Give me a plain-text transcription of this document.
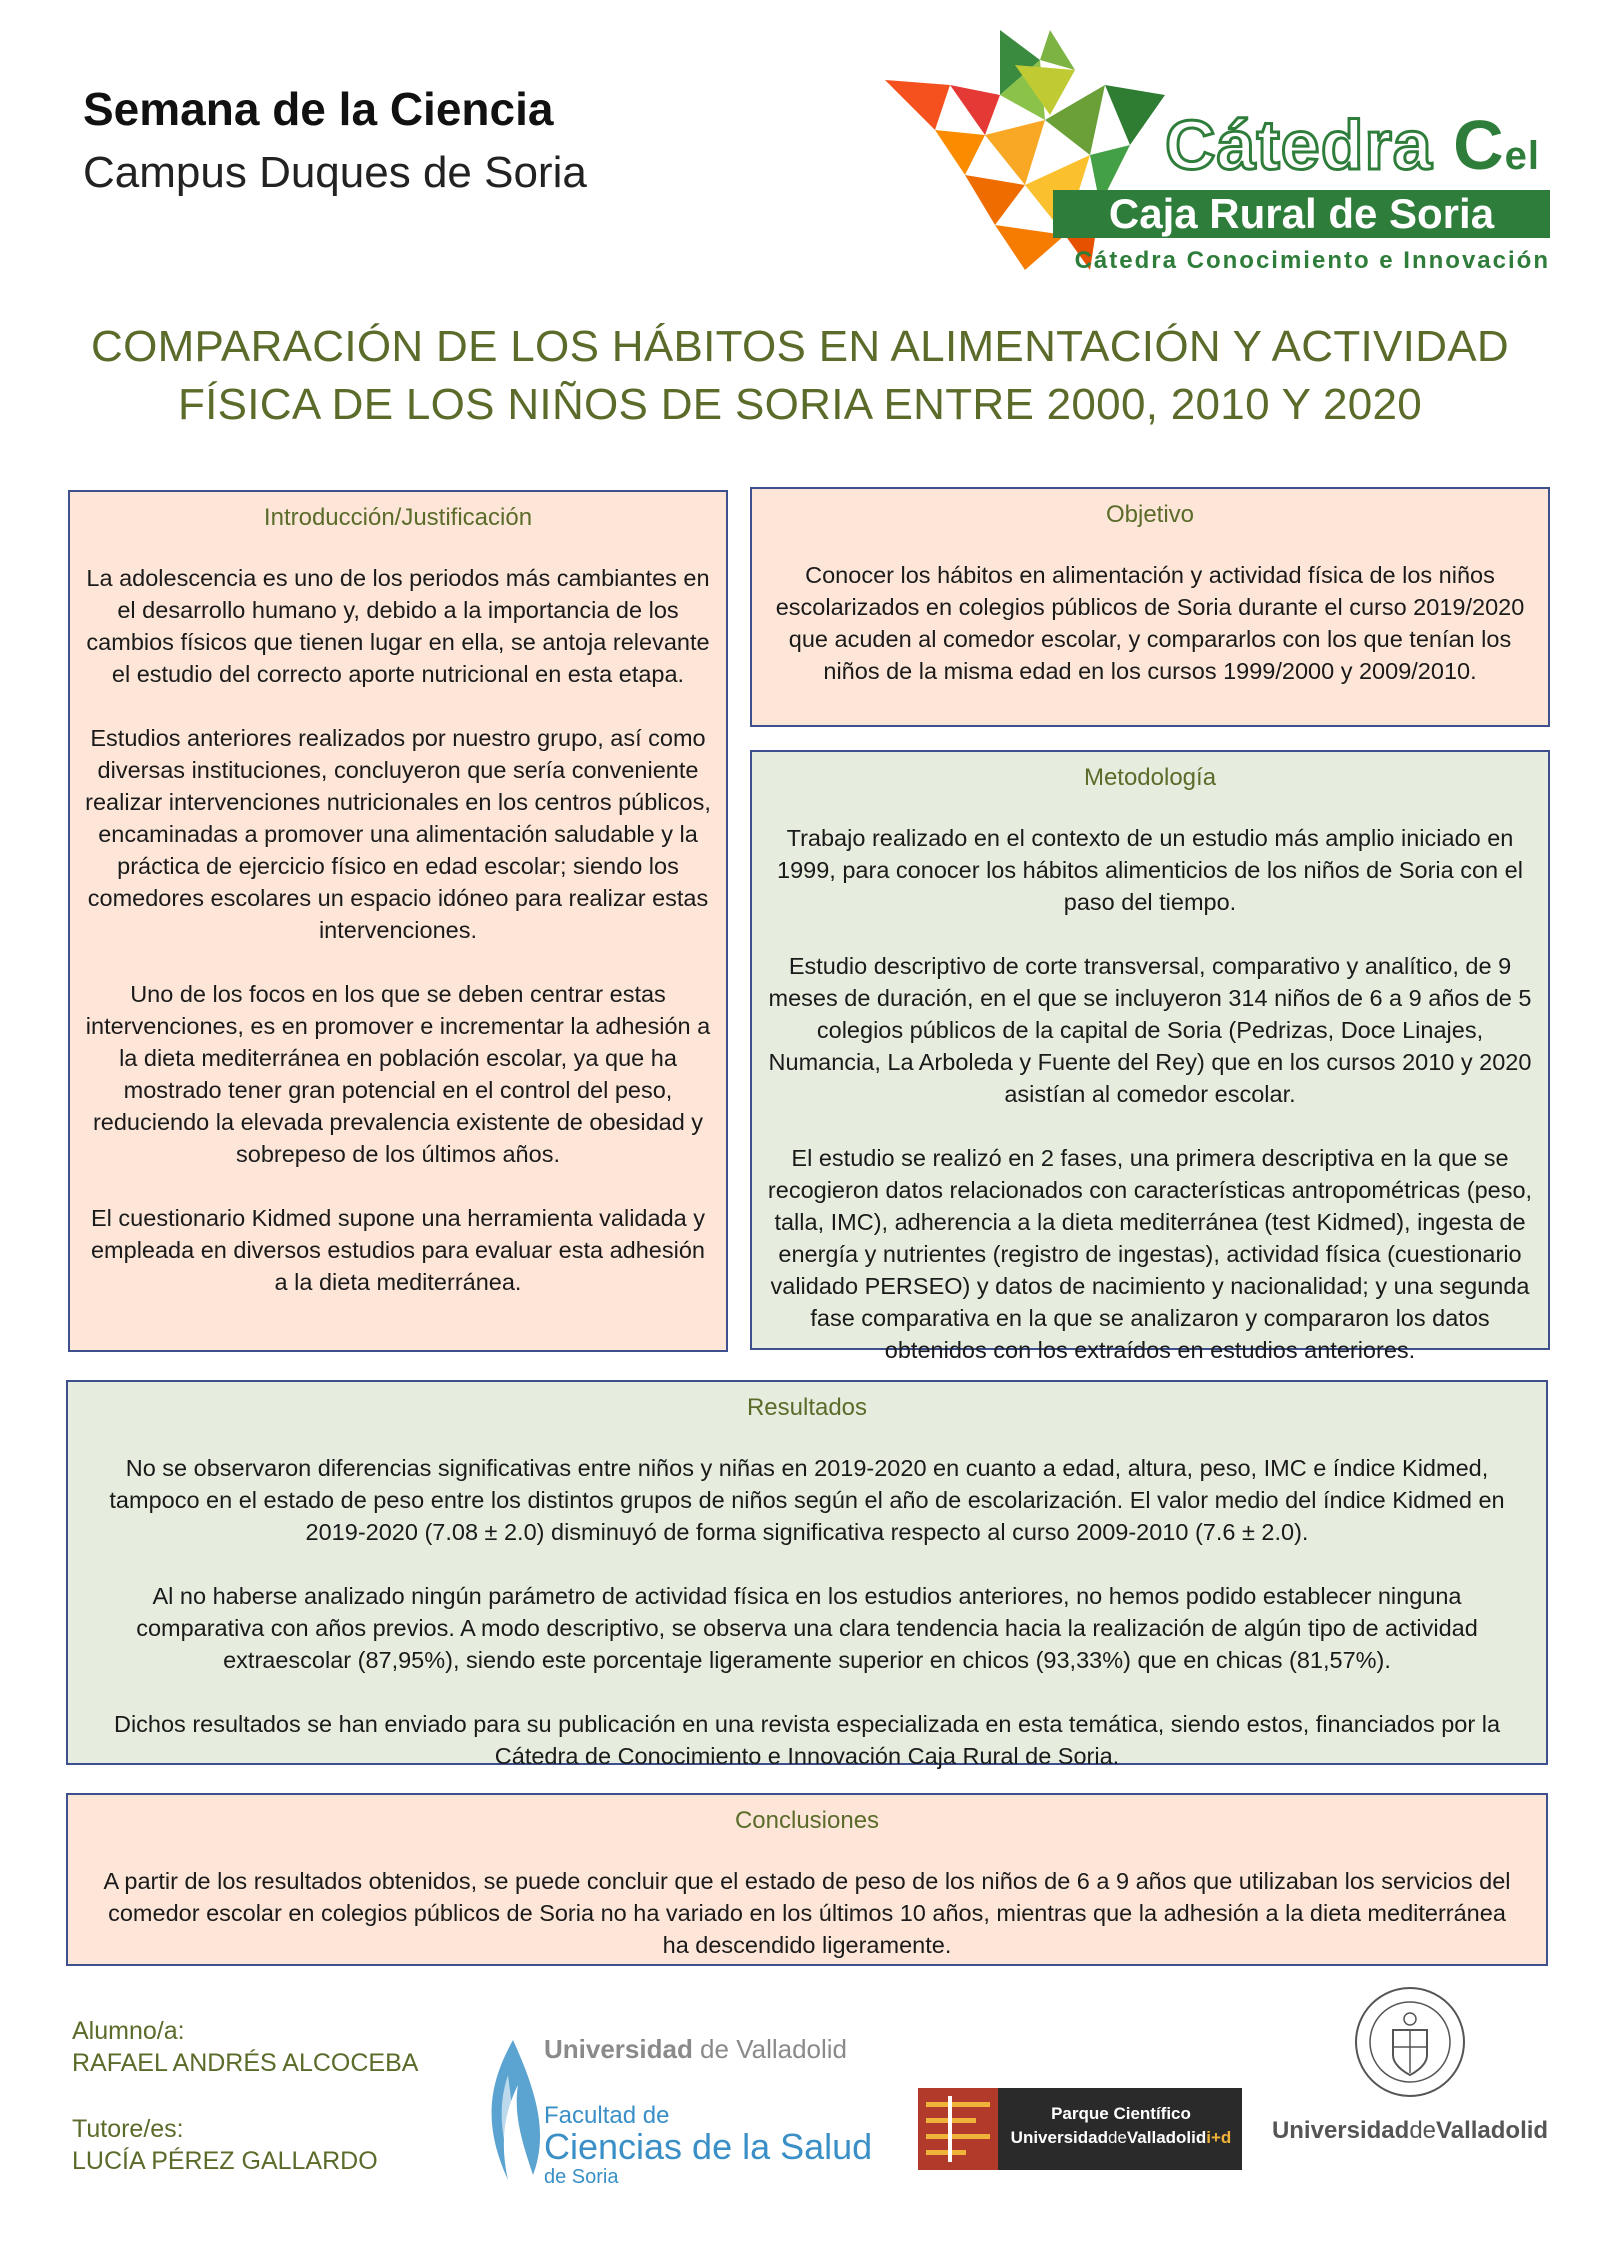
Semana de la Ciencia
Campus Duques de Soria	Cátedra Cel
Caja Rural de Soria
Cátedra Conocimiento e Innovación
COMPARACIÓN DE LOS HÁBITOS EN ALIMENTACIÓN Y ACTIVIDAD
FÍSICA DE LOS NIÑOS DE SORIA ENTRE 2000, 2010 Y 2020
Introducción/Justificación

La adolescencia es uno de los periodos más cambiantes en el desarrollo humano y, debido a la importancia de los cambios físicos que tienen lugar en ella, se antoja relevante el estudio del correcto aporte nutricional en esta etapa.

Estudios anteriores realizados por nuestro grupo, así como diversas instituciones, concluyeron que sería conveniente realizar intervenciones nutricionales en los centros públicos, encaminadas a promover una alimentación saludable y la práctica de ejercicio físico en edad escolar; siendo los comedores escolares un espacio idóneo para realizar estas intervenciones.

Uno de los focos en los que se deben centrar estas intervenciones, es en promover e incrementar la adhesión a la dieta mediterránea en población escolar, ya que ha mostrado tener gran potencial en el control del peso, reduciendo la elevada prevalencia existente de obesidad y sobrepeso de los últimos años.

El cuestionario Kidmed supone una herramienta validada y empleada en diversos estudios para evaluar esta adhesión a la dieta mediterránea.

Objetivo

Conocer los hábitos en alimentación y actividad física de los niños escolarizados en colegios públicos de Soria durante el curso 2019/2020 que acuden al comedor escolar, y compararlos con los que tenían los niños de la misma edad en los cursos 1999/2000 y 2009/2010.

Metodología

Trabajo realizado en el contexto de un estudio más amplio iniciado en 1999, para conocer los hábitos alimenticios de los niños de Soria con el paso del tiempo.

Estudio descriptivo de corte transversal, comparativo y analítico, de 9 meses de duración, en el que se incluyeron 314 niños de 6 a 9 años de 5 colegios públicos de la capital de Soria (Pedrizas, Doce Linajes, Numancia, La Arboleda y Fuente del Rey) que en los cursos 2010 y 2020 asistían al comedor escolar.

El estudio se realizó en 2 fases, una primera descriptiva en la que se recogieron datos relacionados con características antropométricas (peso, talla, IMC), adherencia a la dieta mediterránea (test Kidmed), ingesta de energía y nutrientes (registro de ingestas), actividad física (cuestionario validado PERSEO) y datos de nacimiento y nacionalidad; y una segunda fase comparativa en la que se analizaron y compararon los datos obtenidos con los extraídos en estudios anteriores.

Resultados

No se observaron diferencias significativas entre niños y niñas en 2019-2020 en cuanto a edad, altura, peso, IMC e índice Kidmed, tampoco en el estado de peso entre los distintos grupos de niños según el año de escolarización. El valor medio del índice Kidmed en 2019-2020 (7.08 ± 2.0) disminuyó de forma significativa respecto al curso 2009-2010 (7.6 ± 2.0).

Al no haberse analizado ningún parámetro de actividad física en los estudios anteriores, no hemos podido establecer ninguna comparativa con años previos. A modo descriptivo, se observa una clara tendencia hacia la realización de algún tipo de actividad extraescolar (87,95%), siendo este porcentaje ligeramente superior en chicos (93,33%) que en chicas (81,57%).

Dichos resultados se han enviado para su publicación en una revista especializada en esta temática, siendo estos, financiados por la Cátedra de Conocimiento e Innovación Caja Rural de Soria.

Conclusiones

A partir de los resultados obtenidos, se puede concluir que el estado de peso de los niños de 6 a 9 años que utilizaban los servicios del comedor escolar en colegios públicos de Soria no ha variado en los últimos 10 años, mientras que la adhesión a la dieta mediterránea ha descendido ligeramente.

Alumno/a:
RAFAEL ANDRÉS ALCOCEBA
Tutore/es:
LUCÍA PÉREZ GALLARDO
Universidad de Valladolid
Facultad de
Ciencias de la Salud
de Soria
Parque Científico
UniversidaddeValladolidi+d UniversidaddeValladolid
